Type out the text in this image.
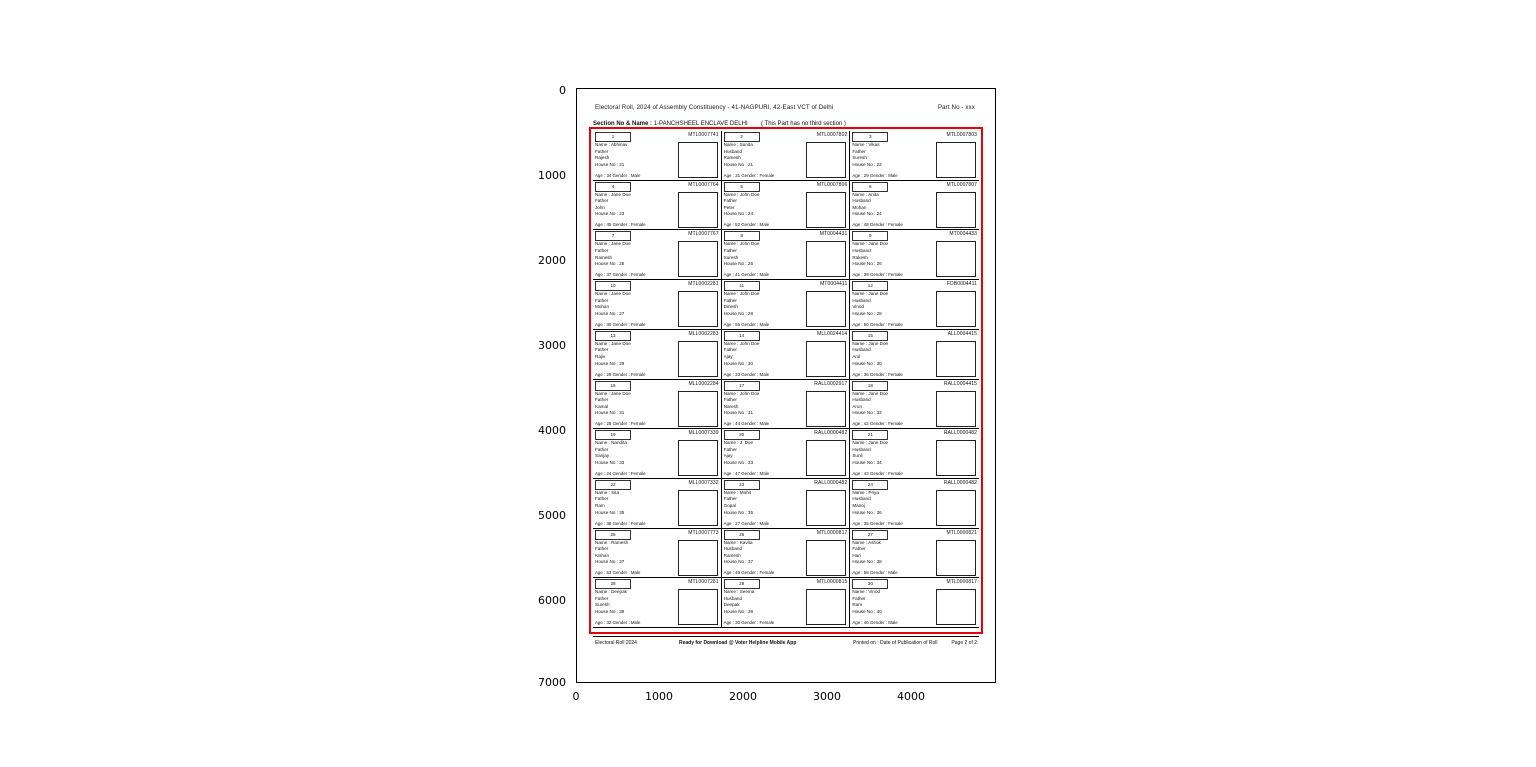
0
1000
2000
3000
4000
5000
6000
7000
0	1000	2000	3000	4000
Electoral Roll, 2024 of Assembly Constituency - 41-NAGPURI, 42-East VCT of Delhi	Part No - xxx
Section No & Name : 1-PANCHSHEEL ENCLAVE DELHI ( This Part has no third section )
1	MTL0007741
Name : Abhinav
Father
Rajesh
House No : 21
Age : 34 Gender : Male
2	MTL0007802
Name : Sunita
Husband
Ramesh
House No : 21
Age : 31 Gender : Female
3	MTL0007803
Name : Vikas
Father
Suresh
House No : 22
Age : 29 Gender : Male
4	MTL0007764
Name : Jane Doe
Father
John
House No : 23
Age : 45 Gender : Female
5	MTL0007806
Name : John Doe
Father
Peter
House No : 24
Age : 52 Gender : Male
6	MTL0007807
Name : Anita
Husband
Mohan
House No : 24
Age : 48 Gender : Female
7	MTL0007767
Name : Jane Doe
Father
Ramesh
House No : 25
Age : 37 Gender : Female
8	MT0004431
Name : John Doe
Father
Suresh
House No : 26
Age : 41 Gender : Male
9	MT0004433
Name : Jane Doe
Husband
Rakesh
House No : 26
Age : 39 Gender : Female
10	MTL0002281
Name : Jane Doe
Father
Mohan
House No : 27
Age : 30 Gender : Female
11	MT0004411
Name : John Doe
Father
Dinesh
House No : 28
Age : 55 Gender : Male
12	FDB0004411
Name : Jane Doe
Husband
Vinod
House No : 28
Age : 50 Gender : Female
13	MLL0002283
Name : Jane Doe
Father
Rajiv
House No : 29
Age : 26 Gender : Female
14	MLL0024414
Name : John Doe
Father
Ajay
House No : 30
Age : 33 Gender : Male
15	ALL0004415
Name : Jane Doe
Husband
Anil
House No : 30
Age : 36 Gender : Female
16	MLL0002284
Name : Jane Doe
Father
Kamal
House No : 31
Age : 28 Gender : Female
17	RALL0002917
Name : John Doe
Father
Naresh
House No : 31
Age : 44 Gender : Male
18	RALL0004415
Name : Jane Doe
Husband
Arun
House No : 32
Age : 42 Gender : Female
19	MLL0007339
Name : Nandita
Father
Sanjay
House No : 33
Age : 24 Gender : Female
20	RALL0000482
Name : J. Doe
Father
Ajay
House No : 33
Age : 47 Gender : Male
21	RALL0000482
Name : Jane Doe
Husband
Sunil
House No : 34
Age : 43 Gender : Female
22	MLL0007332
Name : Sita
Father
Ram
House No : 35
Age : 38 Gender : Female
23	RALL0000482
Name : Mohit
Father
Gopal
House No : 35
Age : 27 Gender : Male
24	RALL0000482
Name : Priya
Husband
Manoj
House No : 36
Age : 35 Gender : Female
25	MTL0007773
Name : Ramesh
Father
Kishan
House No : 37
Age : 53 Gender : Male
26	MTL0000817
Name : Kavita
Husband
Ramesh
House No : 37
Age : 49 Gender : Female
27	MTL0000821
Name : Ashok
Father
Hari
House No : 38
Age : 58 Gender : Male
28	MTL0007281
Name : Deepak
Father
Suresh
House No : 39
Age : 32 Gender : Male
29	MTL0000815
Name : Seema
Husband
Deepak
House No : 39
Age : 30 Gender : Female
30	MTL0000817
Name : Vinod
Father
Ram
House No : 40
Age : 46 Gender : Male
Electoral Roll 2024	Ready for Download @ Voter Helpline Mobile App	Printed on : Date of Publication of Roll	Page 2 of 2
